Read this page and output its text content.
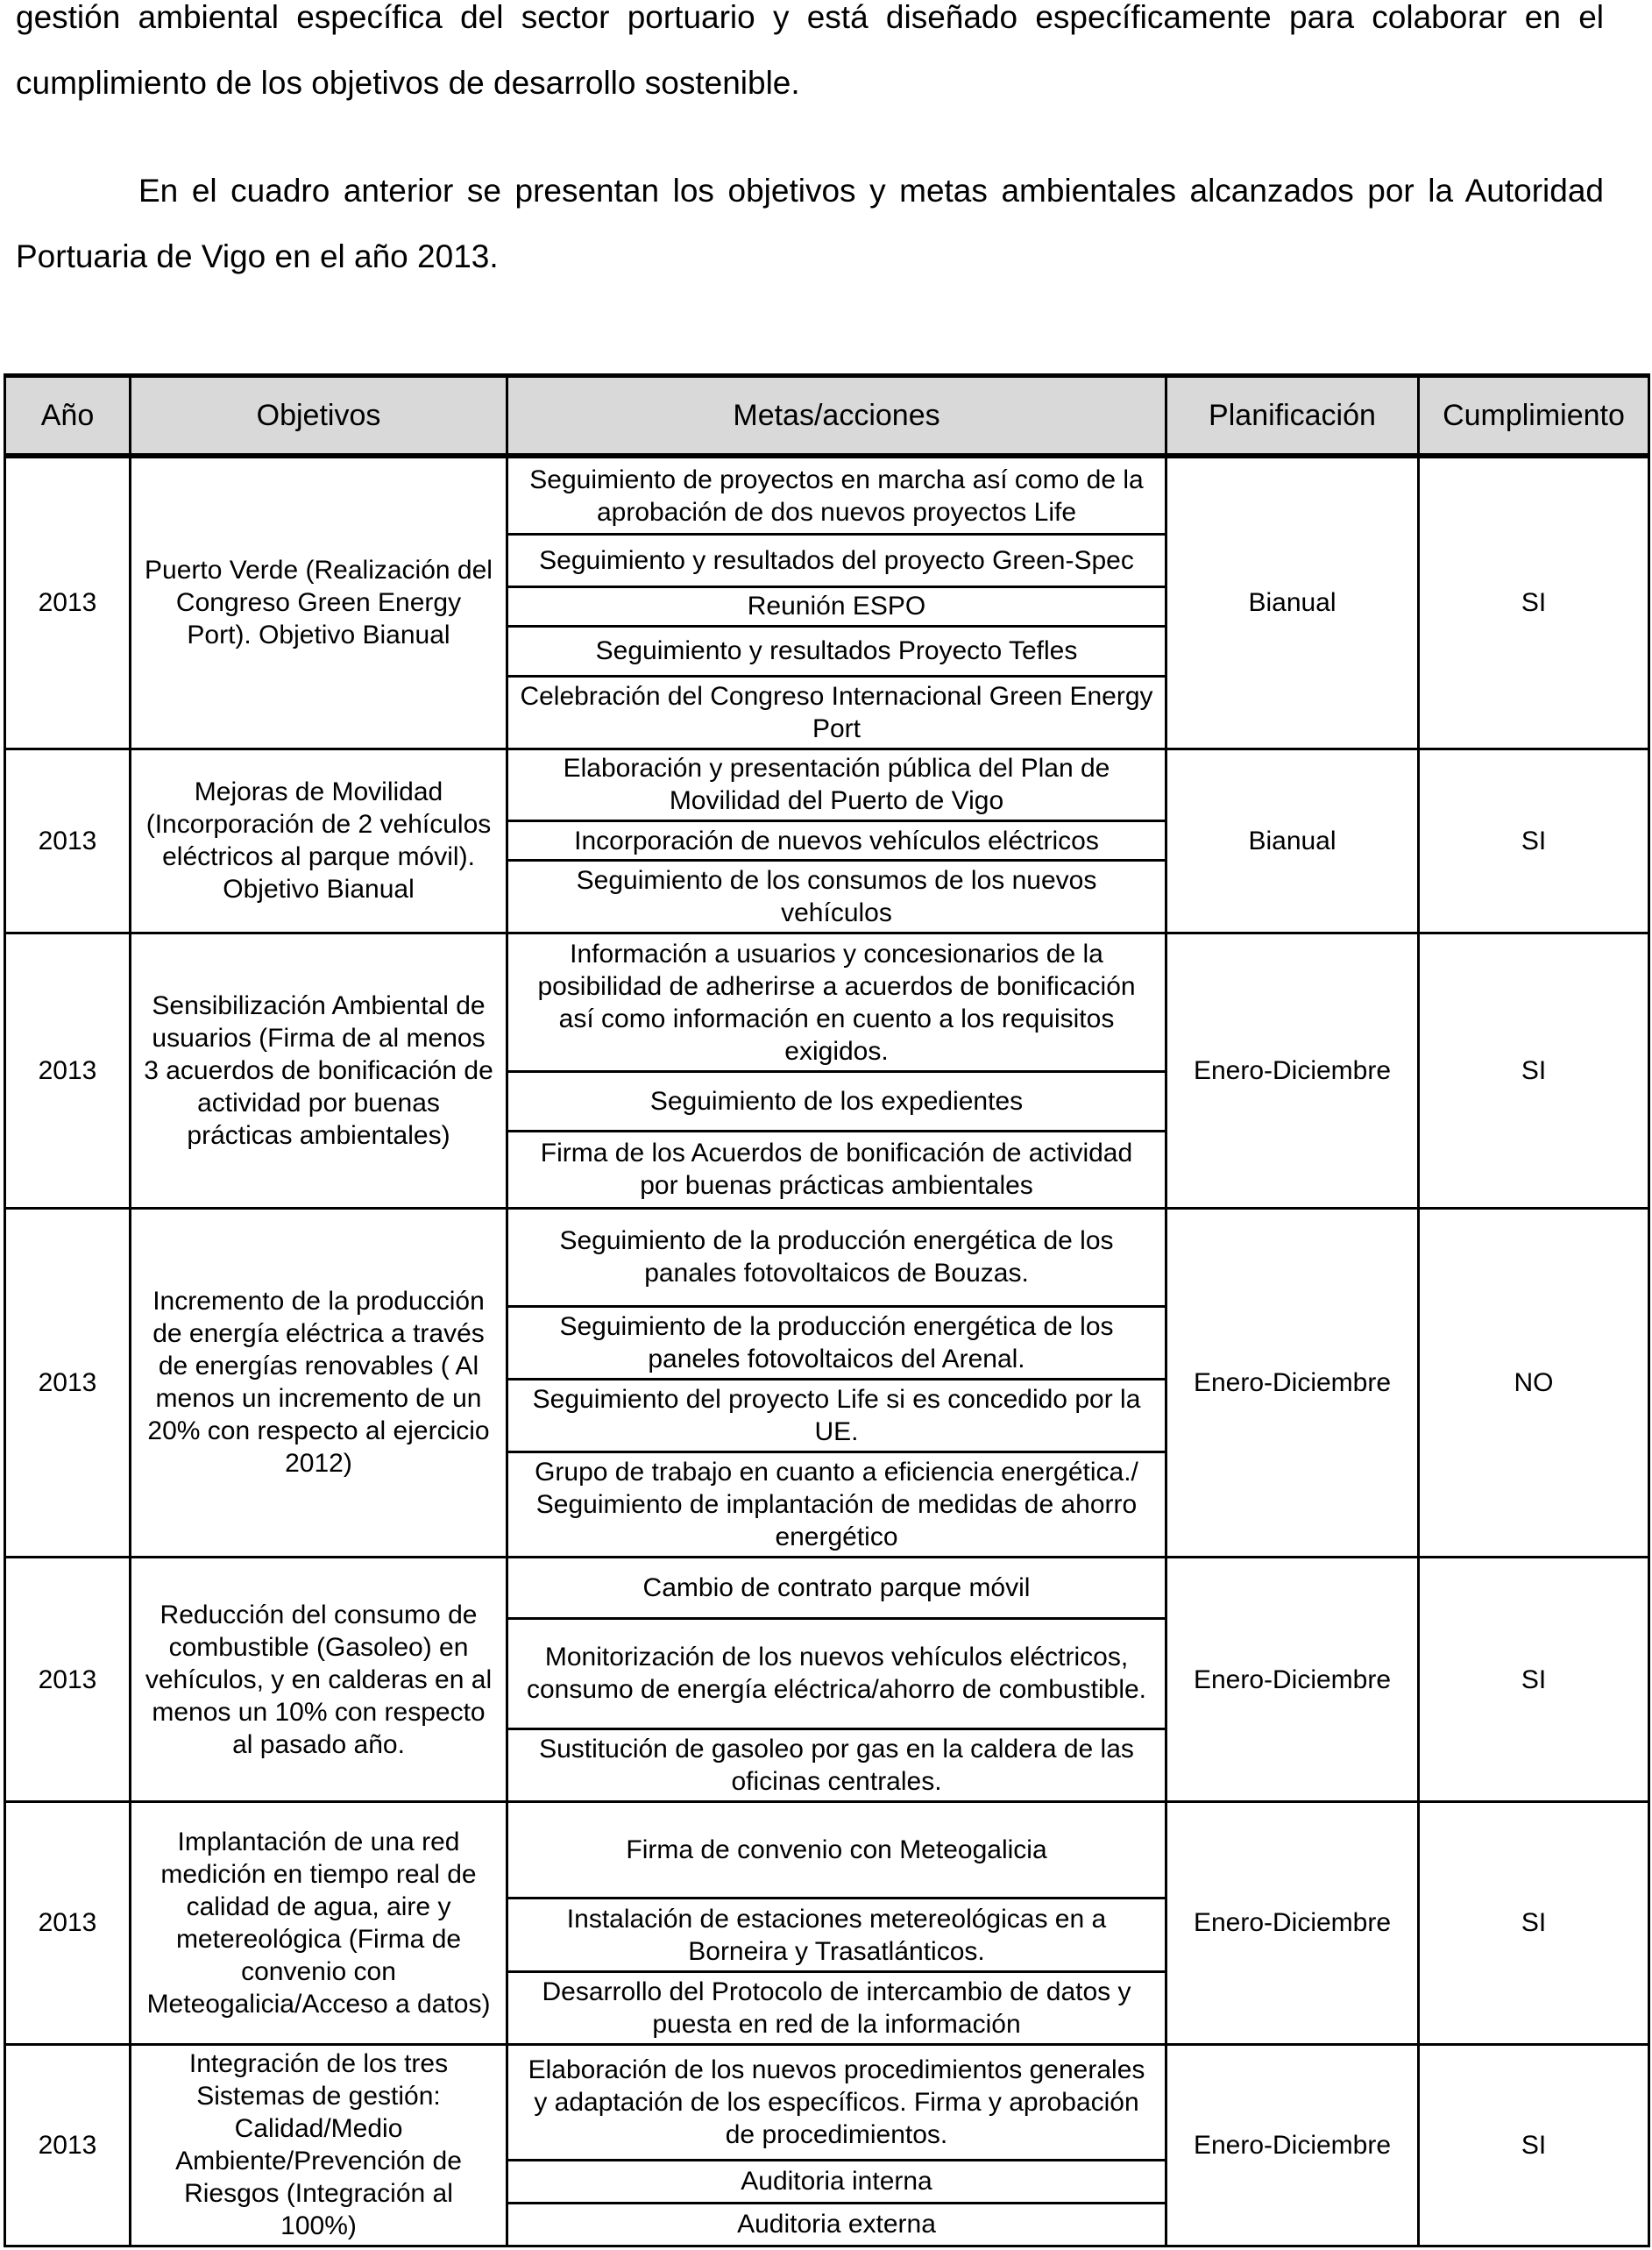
gestión ambiental específica del sector portuario y está diseñado específicamente para colaborar en el cumplimiento de los objetivos de desarrollo sostenible.

En el cuadro anterior se presentan los objetivos y metas ambientales alcanzados por la Autoridad Portuaria de Vigo en el año 2013.

Año	Objetivos	Metas/acciones	Planificación	Cumplimiento
2013	Puerto Verde (Realización del Congreso Green Energy Port). Objetivo Bianual	Seguimiento de proyectos en marcha así como de la aprobación de dos nuevos proyectos Life	Bianual	SI
		Seguimiento y resultados del proyecto Green-Spec		
		Reunión ESPO		
		Seguimiento y resultados Proyecto Tefles		
		Celebración del Congreso Internacional Green Energy Port		
2013	Mejoras de Movilidad (Incorporación de 2 vehículos eléctricos al parque móvil). Objetivo Bianual	Elaboración y presentación pública del Plan de Movilidad del Puerto de Vigo	Bianual	SI
		Incorporación de nuevos vehículos eléctricos		
		Seguimiento de los consumos de los nuevos vehículos		
2013	Sensibilización Ambiental de usuarios (Firma de al menos 3 acuerdos de bonificación de actividad por buenas prácticas ambientales)	Información a usuarios y concesionarios de la posibilidad de adherirse a acuerdos de bonificación así como información en cuento a los requisitos exigidos.	Enero-Diciembre	SI
		Seguimiento de los expedientes		
		Firma de los Acuerdos de bonificación de actividad por buenas prácticas ambientales		
2013	Incremento de la producción de energía eléctrica a través de energías renovables ( Al menos un incremento de un 20% con respecto al ejercicio 2012)	Seguimiento de la producción energética de los panales fotovoltaicos de Bouzas.	Enero-Diciembre	NO
		Seguimiento de la producción energética de los paneles fotovoltaicos del Arenal.		
		Seguimiento del proyecto Life si es concedido por la UE.		
		Grupo de trabajo en cuanto a eficiencia energética./ Seguimiento de implantación de medidas de ahorro energético		
2013	Reducción del consumo de combustible (Gasoleo) en vehículos, y en calderas en al menos un 10% con respecto al pasado año.	Cambio de contrato parque móvil	Enero-Diciembre	SI
		Monitorización de los nuevos vehículos eléctricos, consumo de energía eléctrica/ahorro de combustible.		
		Sustitución de gasoleo por gas en la caldera de las oficinas centrales.		
2013	Implantación de una red medición en tiempo real de calidad de agua, aire y metereológica (Firma de convenio con Meteogalicia/Acceso a datos)	Firma de convenio con Meteogalicia	Enero-Diciembre	SI
		Instalación de estaciones metereológicas en a Borneira y Trasatlánticos.		
		Desarrollo del Protocolo de intercambio de datos y puesta en red de la información		
2013	Integración de los tres Sistemas de gestión: Calidad/Medio Ambiente/Prevención de Riesgos (Integración al 100%)	Elaboración de los nuevos procedimientos generales y adaptación de los específicos. Firma y aprobación de procedimientos.	Enero-Diciembre	SI
		Auditoria interna		
		Auditoria externa		
